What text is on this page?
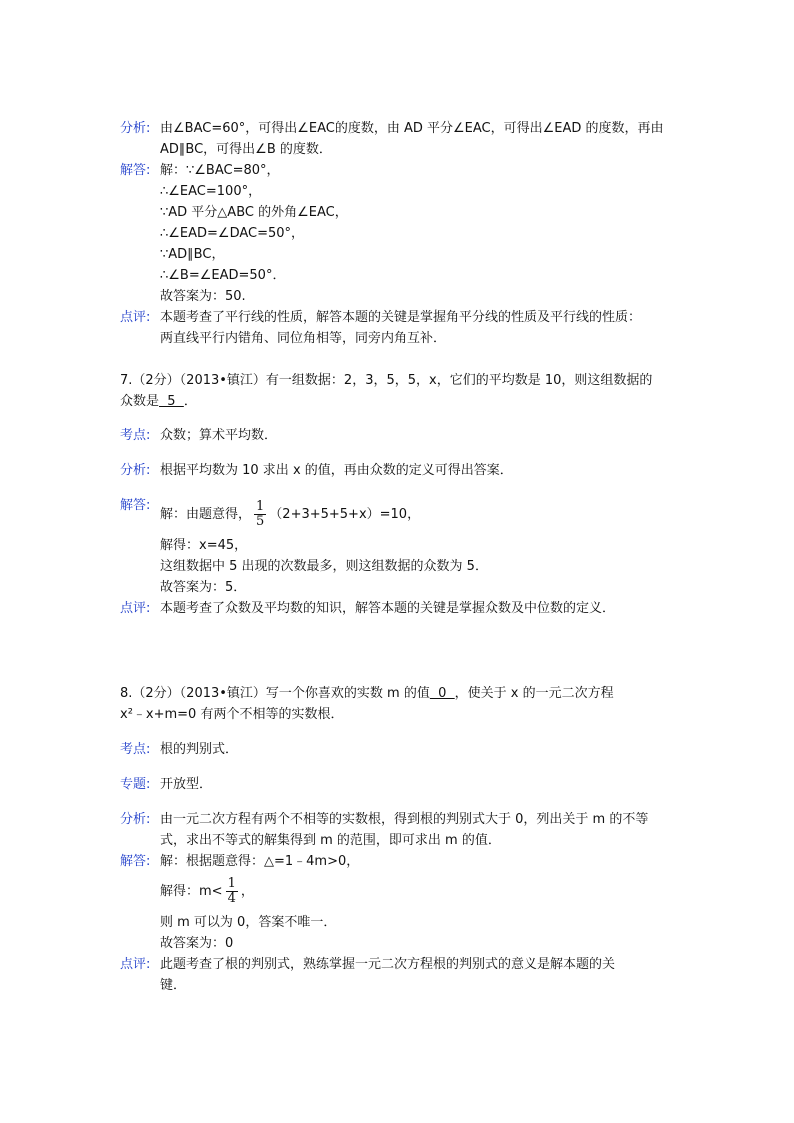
分析: 由∠BAC=60°，可得出∠EAC的度数，由 AD 平分∠EAC，可得出∠EAD 的度数，再由
AD∥BC，可得出∠B 的度数．
解答: 解：∵∠BAC=80°，
∴∠EAC=100°，
∵AD 平分△ABC 的外角∠EAC，
∴∠EAD=∠DAC=50°，
∵AD∥BC，
∴∠B=∠EAD=50°．
故答案为：50.
点评: 本题考查了平行线的性质，解答本题的关键是掌握角平分线的性质及平行线的性质：
两直线平行内错角、同位角相等，同旁内角互补．
7.（2分）（2013•镇江）有一组数据：2，3，5，5，x，它们的平均数是 10，则这组数据的
众数是  5  ．
考点: 众数；算术平均数．
分析: 根据平均数为 10 求出 x 的值，再由众数的定义可得出答案．
解答:
解：由题意得， $\frac{1}{5} (2+3+5+5+x)=10$，
解得：x=45，
这组数据中 5 出现的次数最多，则这组数据的众数为 5．
故答案为：5．
点评: 本题考查了众数及平均数的知识，解答本题的关键是掌握众数及中位数的定义．
8.（2分）（2013•镇江）写一个你喜欢的实数 m 的值  0  ，使关于 x 的一元二次方程
x²﹣x+m=0 有两个不相等的实数根．
考点: 根的判别式．
专题: 开放型．
分析: 由一元二次方程有两个不相等的实数根，得到根的判别式大于 0，列出关于 m 的不等
式，求出不等式的解集得到 m 的范围，即可求出 m 的值．
解答: 解：根据题意得：△=1﹣4m>0，
解得：$m< \frac{1}{4}$ ，
则 m 可以为 0，答案不唯一．
故答案为：0
点评: 此题考查了根的判别式，熟练掌握一元二次方程根的判别式的意义是解本题的关
键．
